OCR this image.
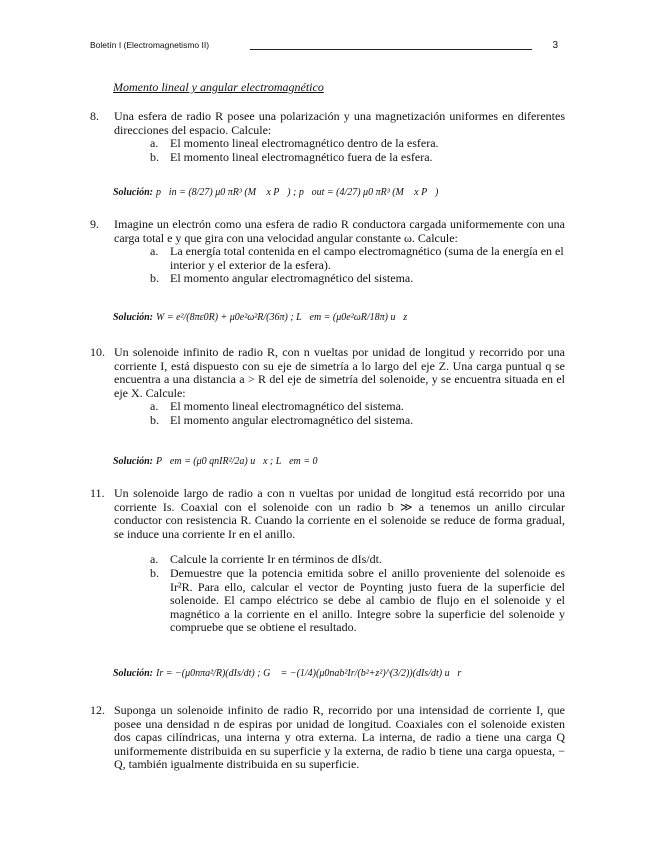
Boletín I (Electromagnetismo II)	3
Momento lineal y angular electromagnético
8. Una esfera de radio R posee una polarización y una magnetización uniformes en diferentes direcciones del espacio. Calcule:
a. El momento lineal electromagnético dentro de la esfera.
b. El momento lineal electromagnético fuera de la esfera.
Solución: p⃗in = (8/27) μ0 πR³ (M⃗ x P⃗) ; p⃗out = (4/27) μ0 πR³ (M⃗ x P⃗)
9. Imagine un electrón como una esfera de radio R conductora cargada uniformemente con una carga total e y que gira con una velocidad angular constante ω. Calcule:
a. La energía total contenida en el campo electromagnético (suma de la energía en el interior y el exterior de la esfera).
b. El momento angular electromagnético del sistema.
Solución: W = e²/(8πε0R) + μ0e²ω²R/(36π) ; L⃗em = (μ0e²ωR/18π) u⃗z
10. Un solenoide infinito de radio R, con n vueltas por unidad de longitud y recorrido por una corriente I, está dispuesto con su eje de simetría a lo largo del eje Z. Una carga puntual q se encuentra a una distancia a > R del eje de simetría del solenoide, y se encuentra situada en el eje X. Calcule:
a. El momento lineal electromagnético del sistema.
b. El momento angular electromagnético del sistema.
Solución: P⃗em = (μ0 qnIR²/2a) u⃗x ; L⃗em = 0
11. Un solenoide largo de radio a con n vueltas por unidad de longitud está recorrido por una corriente Is. Coaxial con el solenoide con un radio b ≫ a tenemos un anillo circular conductor con resistencia R. Cuando la corriente en el solenoide se reduce de forma gradual, se induce una corriente Ir en el anillo.
a. Calcule la corriente Ir en términos de dIs/dt.
b. Demuestre que la potencia emitida sobre el anillo proveniente del solenoide es Ir²R. Para ello, calcular el vector de Poynting justo fuera de la superficie del solenoide. El campo eléctrico se debe al cambio de flujo en el solenoide y el magnético a la corriente en el anillo. Integre sobre la superficie del solenoide y compruebe que se obtiene el resultado.
Solución: Ir = −(μ0nπa²/R)(dIs/dt) ; G⃗ = −(1/4)(μ0nab²Ir/(b²+z²)^(3/2))(dIs/dt) u⃗r
12. Suponga un solenoide infinito de radio R, recorrido por una intensidad de corriente I, que posee una densidad n de espiras por unidad de longitud. Coaxiales con el solenoide existen dos capas cilíndricas, una interna y otra externa. La interna, de radio a tiene una carga Q uniformemente distribuida en su superficie y la externa, de radio b tiene una carga opuesta, − Q, también igualmente distribuida en su superficie.
